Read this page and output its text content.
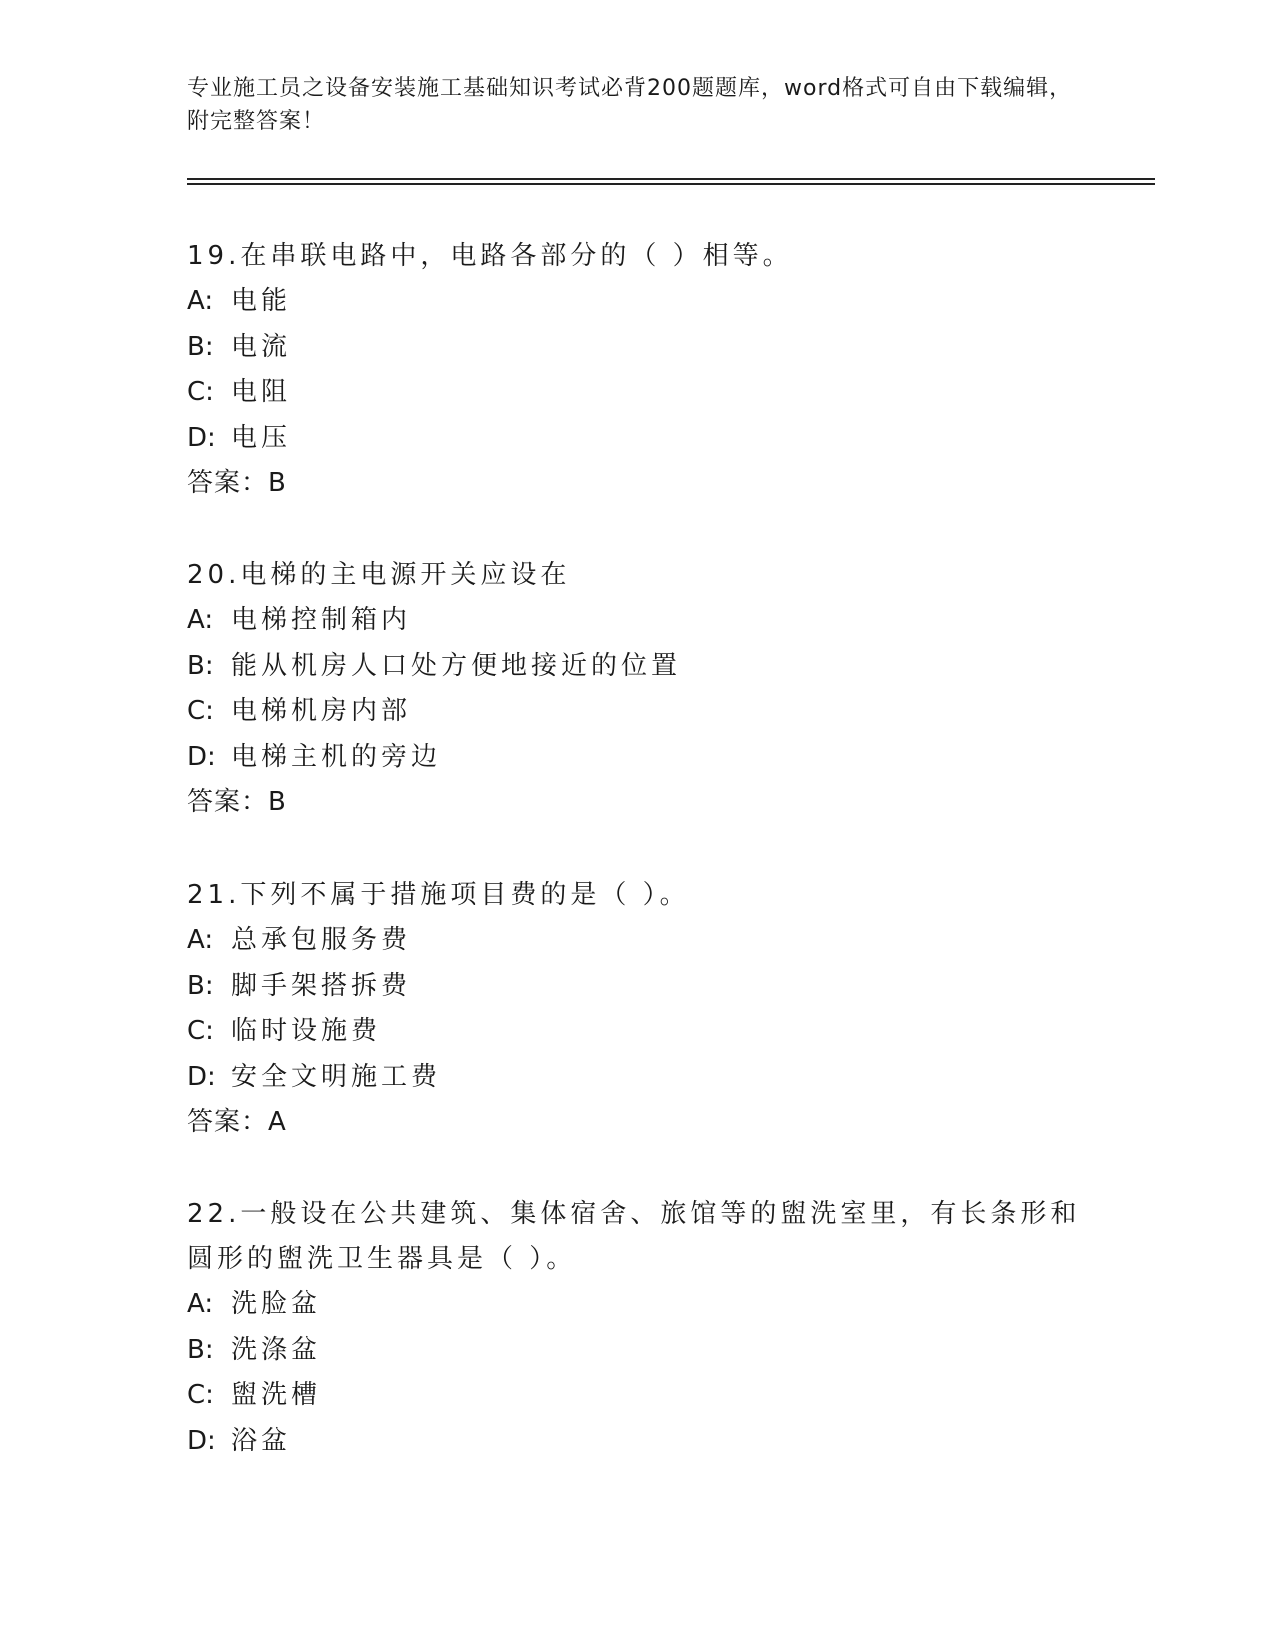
专业施工员之设备安装施工基础知识考试必背200题题库，word格式可自由下载编辑，附完整答案！

19.在串联电路中，电路各部分的（ ）相等。

A: 电能
B: 电流
C: 电阻
D: 电压
答案：B

20.电梯的主电源开关应设在

A: 电梯控制箱内
B: 能从机房人口处方便地接近的位置
C: 电梯机房内部
D: 电梯主机的旁边
答案：B

21.下列不属于措施项目费的是（ ）。

A: 总承包服务费
B: 脚手架搭拆费
C: 临时设施费
D: 安全文明施工费
答案：A

22.一般设在公共建筑、集体宿舍、旅馆等的盥洗室里，有长条形和圆形的盥洗卫生器具是（ ）。

A: 洗脸盆
B: 洗涤盆
C: 盥洗槽
D: 浴盆
